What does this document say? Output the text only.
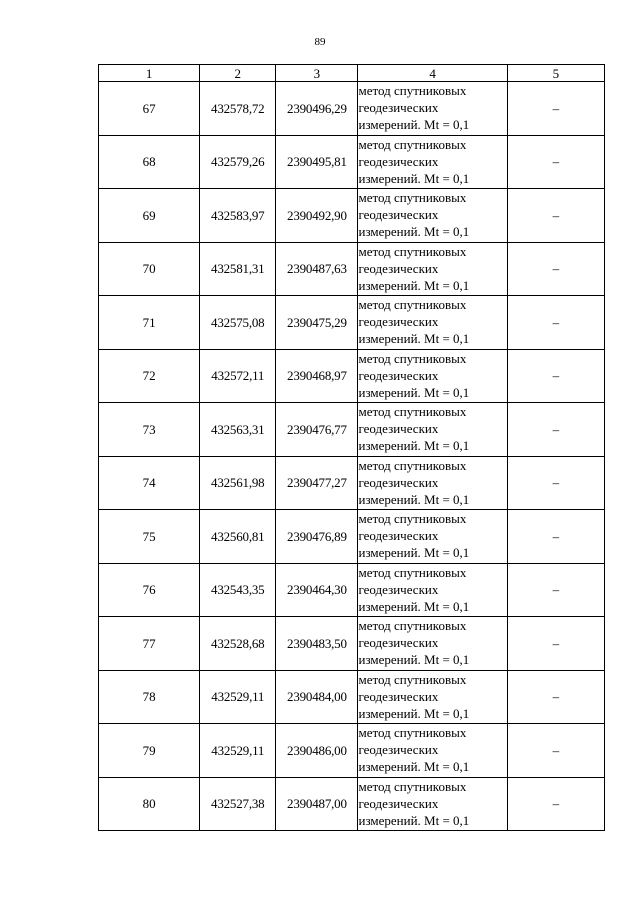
89
1	2	3	4	5
67	432578,72	2390496,29	метод спутниковых
геодезических
измерений. Mt = 0,1	–
68	432579,26	2390495,81	метод спутниковых
геодезических
измерений. Mt = 0,1	–
69	432583,97	2390492,90	метод спутниковых
геодезических
измерений. Mt = 0,1	–
70	432581,31	2390487,63	метод спутниковых
геодезических
измерений. Mt = 0,1	–
71	432575,08	2390475,29	метод спутниковых
геодезических
измерений. Mt = 0,1	–
72	432572,11	2390468,97	метод спутниковых
геодезических
измерений. Mt = 0,1	–
73	432563,31	2390476,77	метод спутниковых
геодезических
измерений. Mt = 0,1	–
74	432561,98	2390477,27	метод спутниковых
геодезических
измерений. Mt = 0,1	–
75	432560,81	2390476,89	метод спутниковых
геодезических
измерений. Mt = 0,1	–
76	432543,35	2390464,30	метод спутниковых
геодезических
измерений. Mt = 0,1	–
77	432528,68	2390483,50	метод спутниковых
геодезических
измерений. Mt = 0,1	–
78	432529,11	2390484,00	метод спутниковых
геодезических
измерений. Mt = 0,1	–
79	432529,11	2390486,00	метод спутниковых
геодезических
измерений. Mt = 0,1	–
80	432527,38	2390487,00	метод спутниковых
геодезических
измерений. Mt = 0,1	–
